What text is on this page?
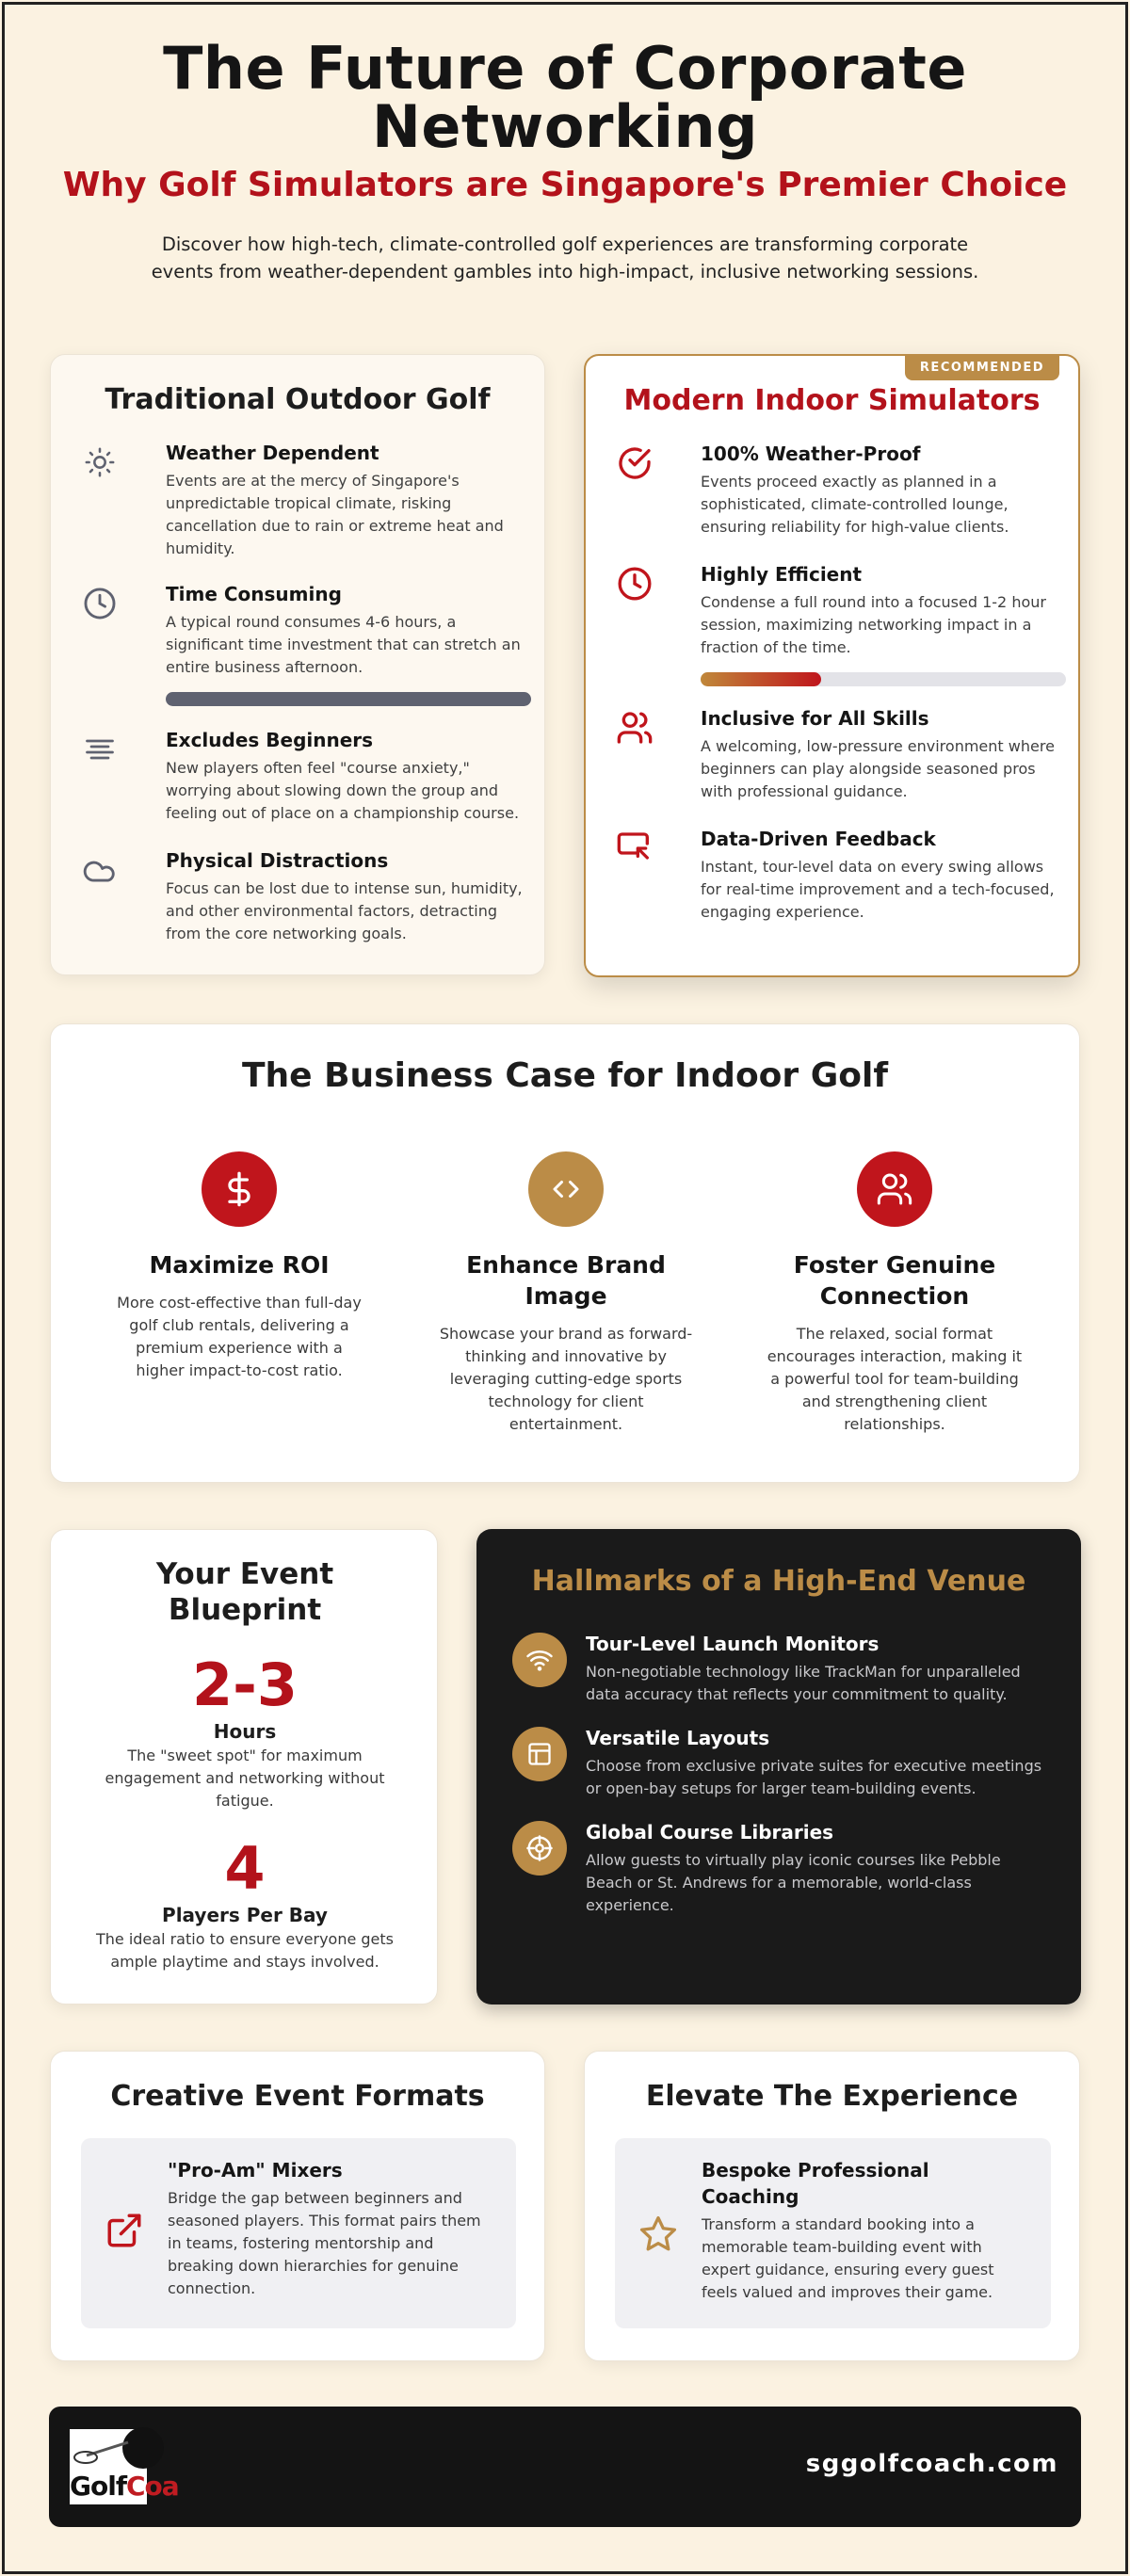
The Future of Corporate Networking
Why Golf Simulators are Singapore's Premier Choice

Discover how high-tech, climate-controlled golf experiences are transforming corporate events from weather-dependent gambles into high-impact, inclusive networking sessions.

Traditional Outdoor Golf
Weather Dependent
Events are at the mercy of Singapore's unpredictable tropical climate, risking cancellation due to rain or extreme heat and humidity.
Time Consuming
A typical round consumes 4-6 hours, a significant time investment that can stretch an entire business afternoon.
Excludes Beginners
New players often feel "course anxiety," worrying about slowing down the group and feeling out of place on a championship course.
Physical Distractions
Focus can be lost due to intense sun, humidity, and other environmental factors, detracting from the core networking goals.
RECOMMENDED
Modern Indoor Simulators
100% Weather-Proof
Events proceed exactly as planned in a sophisticated, climate-controlled lounge, ensuring reliability for high-value clients.
Highly Efficient
Condense a full round into a focused 1-2 hour session, maximizing networking impact in a fraction of the time.
Inclusive for All Skills
A welcoming, low-pressure environment where beginners can play alongside seasoned pros with professional guidance.
Data-Driven Feedback
Instant, tour-level data on every swing allows for real-time improvement and a tech-focused, engaging experience.
The Business Case for Indoor Golf
Maximize ROI
More cost-effective than full-day golf club rentals, delivering a premium experience with a higher impact-to-cost ratio.
Enhance Brand Image
Showcase your brand as forward-thinking and innovative by leveraging cutting-edge sports technology for client entertainment.
Foster Genuine Connection
The relaxed, social format encourages interaction, making it a powerful tool for team-building and strengthening client relationships.
Your Event Blueprint
2-3
Hours
The "sweet spot" for maximum engagement and networking without fatigue.
4
Players Per Bay
The ideal ratio to ensure everyone gets ample playtime and stays involved.
Hallmarks of a High-End Venue
Tour-Level Launch Monitors
Non-negotiable technology like TrackMan for unparalleled data accuracy that reflects your commitment to quality.
Versatile Layouts
Choose from exclusive private suites for executive meetings or open-bay setups for larger team-building events.
Global Course Libraries
Allow guests to virtually play iconic courses like Pebble Beach or St. Andrews for a memorable, world-class experience.
Creative Event Formats
"Pro-Am" Mixers
Bridge the gap between beginners and seasoned players. This format pairs them in teams, fostering mentorship and breaking down hierarchies for genuine connection.
Elevate The Experience
Bespoke Professional Coaching
Transform a standard booking into a memorable team-building event with expert guidance, ensuring every guest feels valued and improves their game.
GolfCoa
sggolfcoach.com
